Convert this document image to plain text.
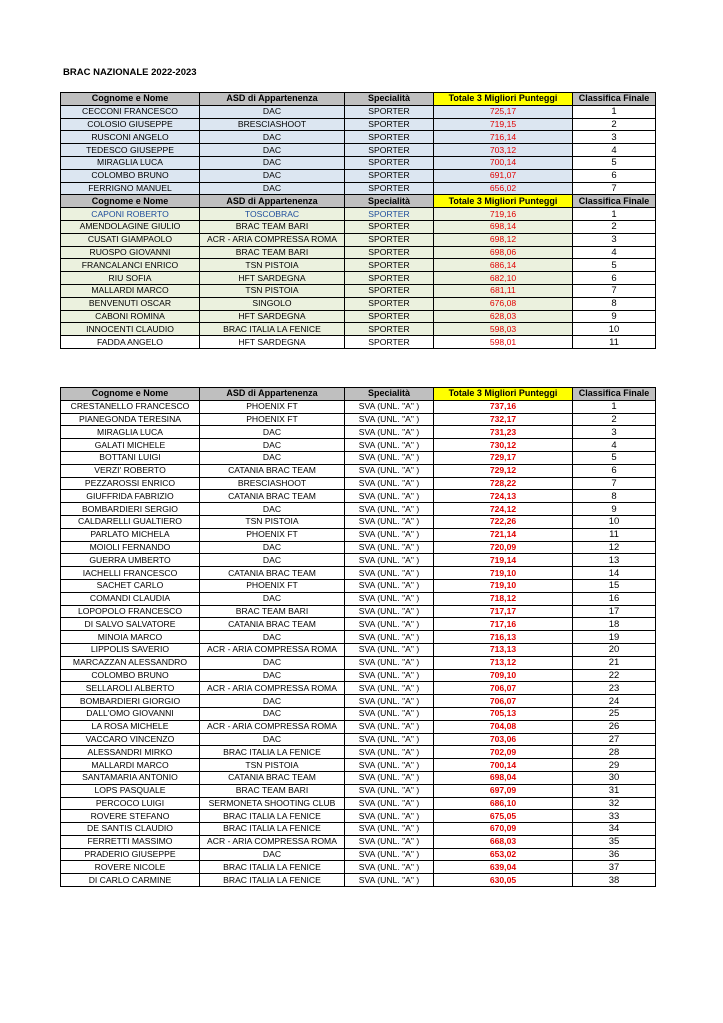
BRAC NAZIONALE 2022-2023
Cognome e Nome	ASD di Appartenenza	Specialità	Totale 3 Migliori Punteggi	Classifica Finale
CECCONI FRANCESCO	DAC	SPORTER	725,17	1
COLOSIO GIUSEPPE	BRESCIASHOOT	SPORTER	719,15	2
RUSCONI ANGELO	DAC	SPORTER	716,14	3
TEDESCO GIUSEPPE	DAC	SPORTER	703,12	4
MIRAGLIA LUCA	DAC	SPORTER	700,14	5
COLOMBO BRUNO	DAC	SPORTER	691,07	6
FERRIGNO MANUEL	DAC	SPORTER	656,02	7
Cognome e Nome	ASD di Appartenenza	Specialità	Totale 3 Migliori Punteggi	Classifica Finale
CAPONI ROBERTO	TOSCOBRAC	SPORTER	719,16	1
AMENDOLAGINE GIULIO	BRAC TEAM BARI	SPORTER	698,14	2
CUSATI GIAMPAOLO	ACR - ARIA COMPRESSA ROMA	SPORTER	698,12	3
RUOSPO GIOVANNI	BRAC TEAM BARI	SPORTER	698,06	4
FRANCALANCI ENRICO	TSN PISTOIA	SPORTER	686,14	5
RIU SOFIA	HFT SARDEGNA	SPORTER	682,10	6
MALLARDI MARCO	TSN PISTOIA	SPORTER	681,11	7
BENVENUTI OSCAR	SINGOLO	SPORTER	676,08	8
CABONI ROMINA	HFT SARDEGNA	SPORTER	628,03	9
INNOCENTI CLAUDIO	BRAC ITALIA LA FENICE	SPORTER	598,03	10
FADDA ANGELO	HFT SARDEGNA	SPORTER	598,01	11
Cognome e Nome	ASD di Appartenenza	Specialità	Totale 3 Migliori Punteggi	Classifica Finale
CRESTANELLO FRANCESCO	PHOENIX FT	SVA (UNL. "A" )	737,16	1
PIANEGONDA TERESINA	PHOENIX FT	SVA (UNL. "A" )	732,17	2
MIRAGLIA LUCA	DAC	SVA (UNL. "A" )	731,23	3
GALATI MICHELE	DAC	SVA (UNL. "A" )	730,12	4
BOTTANI LUIGI	DAC	SVA (UNL. "A" )	729,17	5
VERZI' ROBERTO	CATANIA BRAC TEAM	SVA (UNL. "A" )	729,12	6
PEZZAROSSI ENRICO	BRESCIASHOOT	SVA (UNL. "A" )	728,22	7
GIUFFRIDA FABRIZIO	CATANIA BRAC TEAM	SVA (UNL. "A" )	724,13	8
BOMBARDIERI SERGIO	DAC	SVA (UNL. "A" )	724,12	9
CALDARELLI GUALTIERO	TSN PISTOIA	SVA (UNL. "A" )	722,26	10
PARLATO MICHELA	PHOENIX FT	SVA (UNL. "A" )	721,14	11
MOIOLI FERNANDO	DAC	SVA (UNL. "A" )	720,09	12
GUERRA UMBERTO	DAC	SVA (UNL. "A" )	719,14	13
IACHELLI FRANCESCO	CATANIA BRAC TEAM	SVA (UNL. "A" )	719,10	14
SACHET CARLO	PHOENIX FT	SVA (UNL. "A" )	719,10	15
COMANDI CLAUDIA	DAC	SVA (UNL. "A" )	718,12	16
LOPOPOLO FRANCESCO	BRAC TEAM BARI	SVA (UNL. "A" )	717,17	17
DI SALVO SALVATORE	CATANIA BRAC TEAM	SVA (UNL. "A" )	717,16	18
MINOIA MARCO	DAC	SVA (UNL. "A" )	716,13	19
LIPPOLIS SAVERIO	ACR - ARIA COMPRESSA ROMA	SVA (UNL. "A" )	713,13	20
MARCAZZAN ALESSANDRO	DAC	SVA (UNL. "A" )	713,12	21
COLOMBO BRUNO	DAC	SVA (UNL. "A" )	709,10	22
SELLAROLI ALBERTO	ACR - ARIA COMPRESSA ROMA	SVA (UNL. "A" )	706,07	23
BOMBARDIERI GIORGIO	DAC	SVA (UNL. "A" )	706,07	24
DALL'OMO GIOVANNI	DAC	SVA (UNL. "A" )	705,13	25
LA ROSA MICHELE	ACR - ARIA COMPRESSA ROMA	SVA (UNL. "A" )	704,08	26
VACCARO VINCENZO	DAC	SVA (UNL. "A" )	703,06	27
ALESSANDRI MIRKO	BRAC ITALIA LA FENICE	SVA (UNL. "A" )	702,09	28
MALLARDI MARCO	TSN PISTOIA	SVA (UNL. "A" )	700,14	29
SANTAMARIA ANTONIO	CATANIA BRAC TEAM	SVA (UNL. "A" )	698,04	30
LOPS PASQUALE	BRAC TEAM BARI	SVA (UNL. "A" )	697,09	31
PERCOCO LUIGI	SERMONETA SHOOTING CLUB	SVA (UNL. "A" )	686,10	32
ROVERE STEFANO	BRAC ITALIA LA FENICE	SVA (UNL. "A" )	675,05	33
DE SANTIS CLAUDIO	BRAC ITALIA LA FENICE	SVA (UNL. "A" )	670,09	34
FERRETTI MASSIMO	ACR - ARIA COMPRESSA ROMA	SVA (UNL. "A" )	668,03	35
PRADERIO GIUSEPPE	DAC	SVA (UNL. "A" )	653,02	36
ROVERE NICOLE	BRAC ITALIA LA FENICE	SVA (UNL. "A" )	639,04	37
DI CARLO CARMINE	BRAC ITALIA LA FENICE	SVA (UNL. "A" )	630,05	38
